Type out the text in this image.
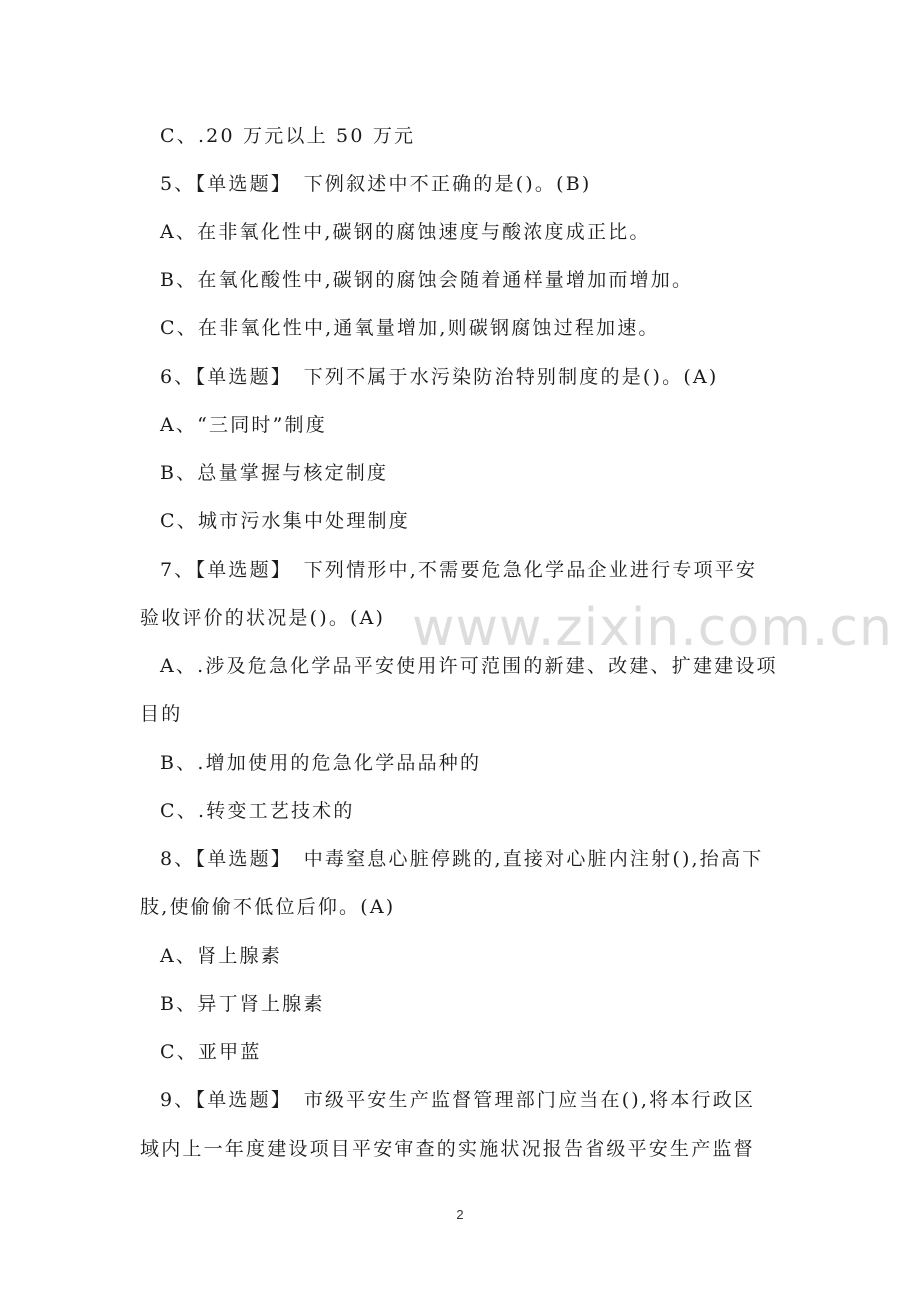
C、.20 万元以上 50 万元
5、【单选题】　下例叙述中不正确的是()。(B)
A、在非氧化性中,碳钢的腐蚀速度与酸浓度成正比。
B、在氧化酸性中,碳钢的腐蚀会随着通样量增加而增加。
C、在非氧化性中,通氧量增加,则碳钢腐蚀过程加速。
6、【单选题】　下列不属于水污染防治特别制度的是()。(A)
A、“三同时”制度
B、总量掌握与核定制度
C、城市污水集中处理制度
7、【单选题】　下列情形中,不需要危急化学品企业进行专项平安
验收评价的状况是()。(A)
A、.涉及危急化学品平安使用许可范围的新建、改建、扩建建设项
目的
B、.增加使用的危急化学品品种的
C、.转变工艺技术的
8、【单选题】　中毒窒息心脏停跳的,直接对心脏内注射(),抬高下
肢,使偷偷不低位后仰。(A)
A、肾上腺素
B、异丁肾上腺素
C、亚甲蓝
9、【单选题】　市级平安生产监督管理部门应当在(),将本行政区
域内上一年度建设项目平安审查的实施状况报告省级平安生产监督
www.zixin.com.cn
2
